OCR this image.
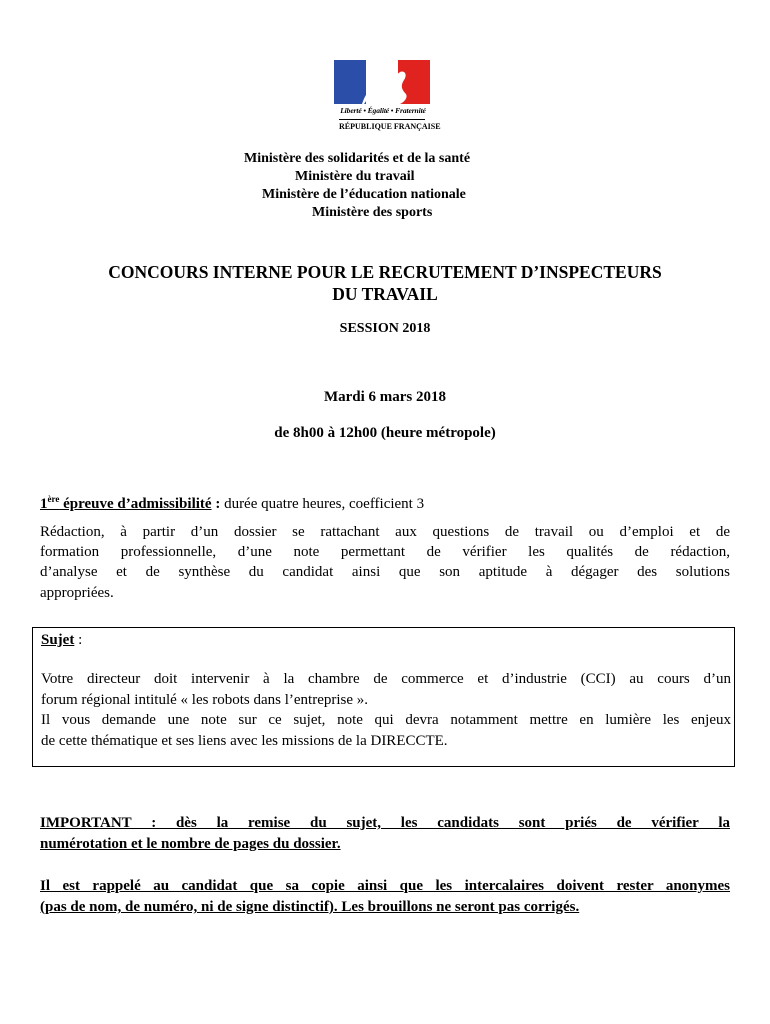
Liberté • Égalité • Fraternité
RÉPUBLIQUE FRANÇAISE
Ministère des solidarités et de la santé
Ministère du travail
Ministère de l’éducation nationale
Ministère des sports
CONCOURS INTERNE POUR LE RECRUTEMENT D’INSPECTEURS
DU TRAVAIL
SESSION 2018
Mardi 6 mars 2018
de 8h00 à 12h00 (heure métropole)
1ère épreuve d’admissibilité : durée quatre heures, coefficient 3
Rédaction, à partir d’un dossier se rattachant aux questions de travail ou d’emploi et de
formation professionnelle, d’une note permettant de vérifier les qualités de rédaction,
d’analyse et de synthèse du candidat ainsi que son aptitude à dégager des solutions
appropriées.
Sujet :
Votre directeur doit intervenir à la chambre de commerce et d’industrie (CCI) au cours d’un
forum régional intitulé « les robots dans l’entreprise ».
Il vous demande une note sur ce sujet, note qui devra notamment mettre en lumière les enjeux
de cette thématique et ses liens avec les missions de la DIRECCTE.
IMPORTANT : dès la remise du sujet, les candidats sont priés de vérifier la
numérotation et le nombre de pages du dossier.
Il est rappelé au candidat que sa copie ainsi que les intercalaires doivent rester anonymes
(pas de nom, de numéro, ni de signe distinctif). Les brouillons ne seront pas corrigés.
